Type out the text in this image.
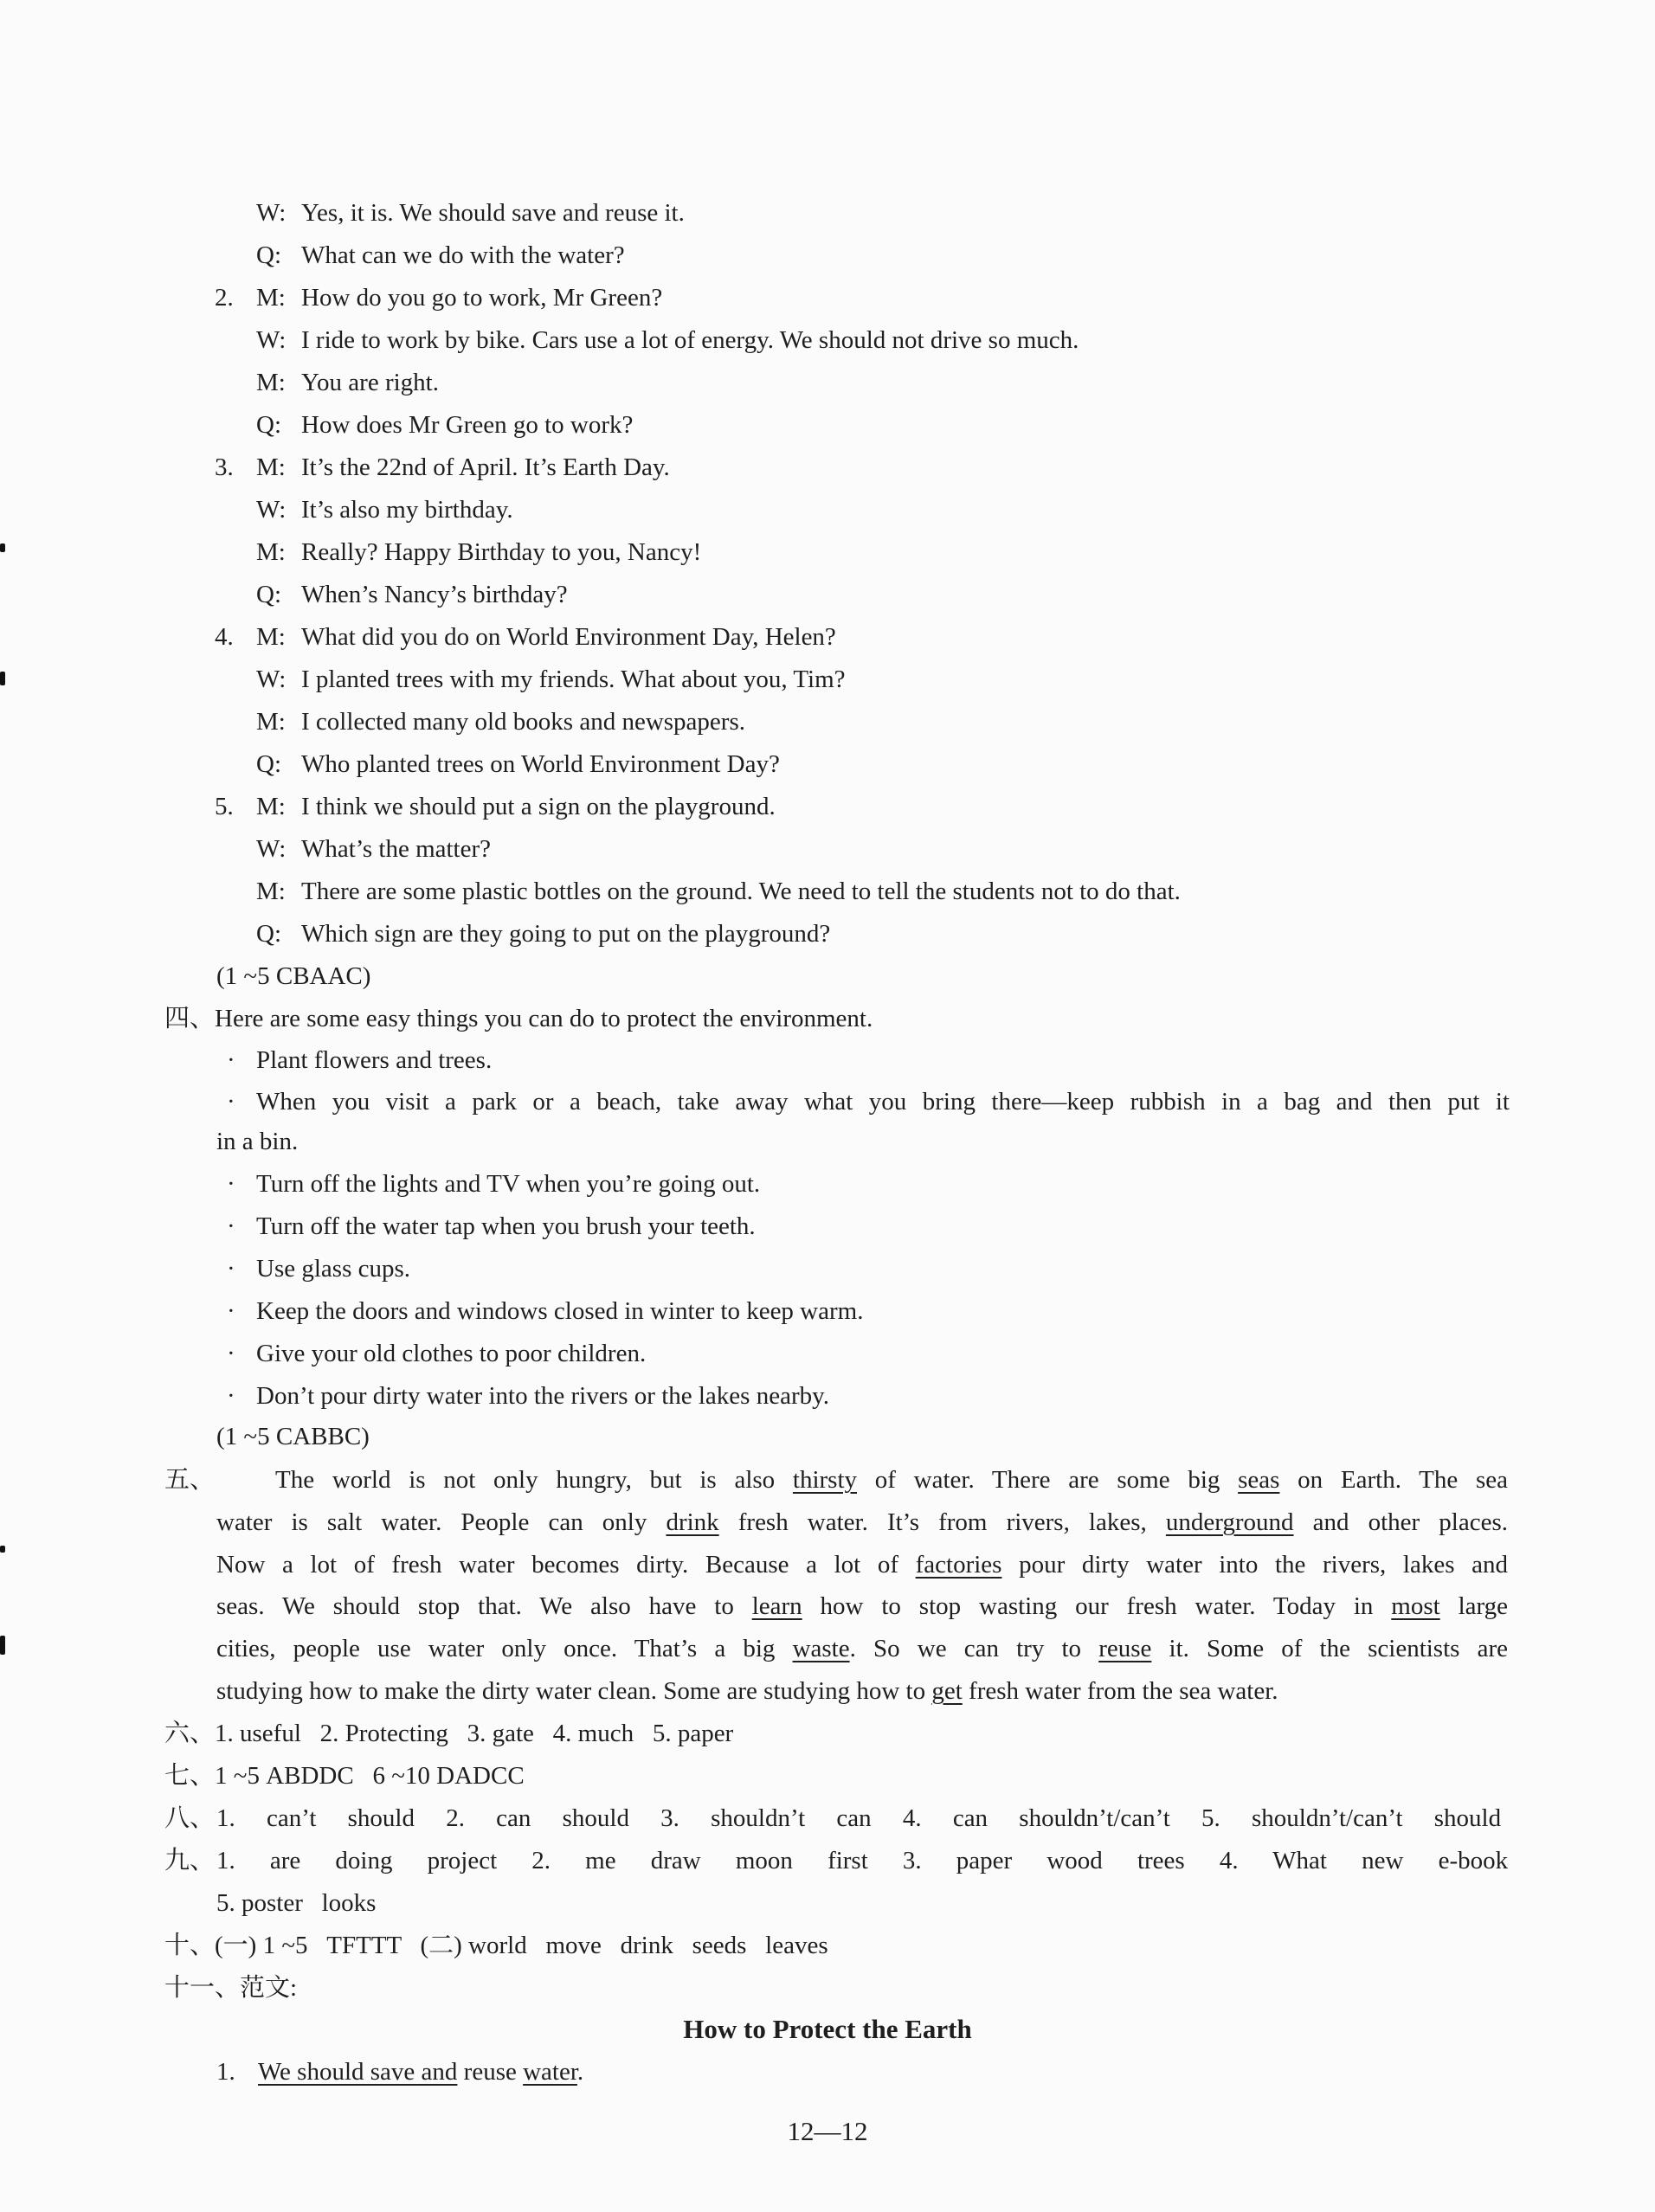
W: Yes, it is. We should save and reuse it.
Q: What can we do with the water?
2. M: How do you go to work, Mr Green?
W: I ride to work by bike. Cars use a lot of energy. We should not drive so much.
M: You are right.
Q: How does Mr Green go to work?
3. M: It’s the 22nd of April. It’s Earth Day.
W: It’s also my birthday.
M: Really? Happy Birthday to you, Nancy!
Q: When’s Nancy’s birthday?
4. M: What did you do on World Environment Day, Helen?
W: I planted trees with my friends. What about you, Tim?
M: I collected many old books and newspapers.
Q: Who planted trees on World Environment Day?
5. M: I think we should put a sign on the playground.
W: What’s the matter?
M: There are some plastic bottles on the ground. We need to tell the students not to do that.
Q: Which sign are they going to put on the playground?
(1 ~5 CBAAC)
四、Here are some easy things you can do to protect the environment.
· Plant flowers and trees.
· When you visit a park or a beach, take away what you bring there—keep rubbish in a bag and then put it
in a bin.
· Turn off the lights and TV when you’re going out.
· Turn off the water tap when you brush your teeth.
· Use glass cups.
· Keep the doors and windows closed in winter to keep warm.
· Give your old clothes to poor children.
· Don’t pour dirty water into the rivers or the lakes nearby.
(1 ~5 CABBC)
五、 The world is not only hungry, but is also thirsty of water. There are some big seas on Earth. The sea
water is salt water. People can only drink fresh water. It’s from rivers, lakes, underground and other places.
Now a lot of fresh water becomes dirty. Because a lot of factories pour dirty water into the rivers, lakes and
seas. We should stop that. We also have to learn how to stop wasting our fresh water. Today in most large
cities, people use water only once. That’s a big waste. So we can try to reuse it. Some of the scientists are
studying how to make the dirty water clean. Some are studying how to get fresh water from the sea water.
六、1. useful   2. Protecting   3. gate   4. much   5. paper
七、1 ~5 ABDDC   6 ~10 DADCC
八、 1. can’t should 2. can should 3. shouldn’t can 4. can shouldn’t/can’t 5. shouldn’t/can’t should
九、 1. are doing project 2. me draw moon first 3. paper wood trees 4. What new e-book
5. poster   looks
十、(一) 1 ~5   TFTTT   (二) world   move   drink   seeds   leaves
十一、范文:
How to Protect the Earth
1. We should save and reuse water.
12—12
